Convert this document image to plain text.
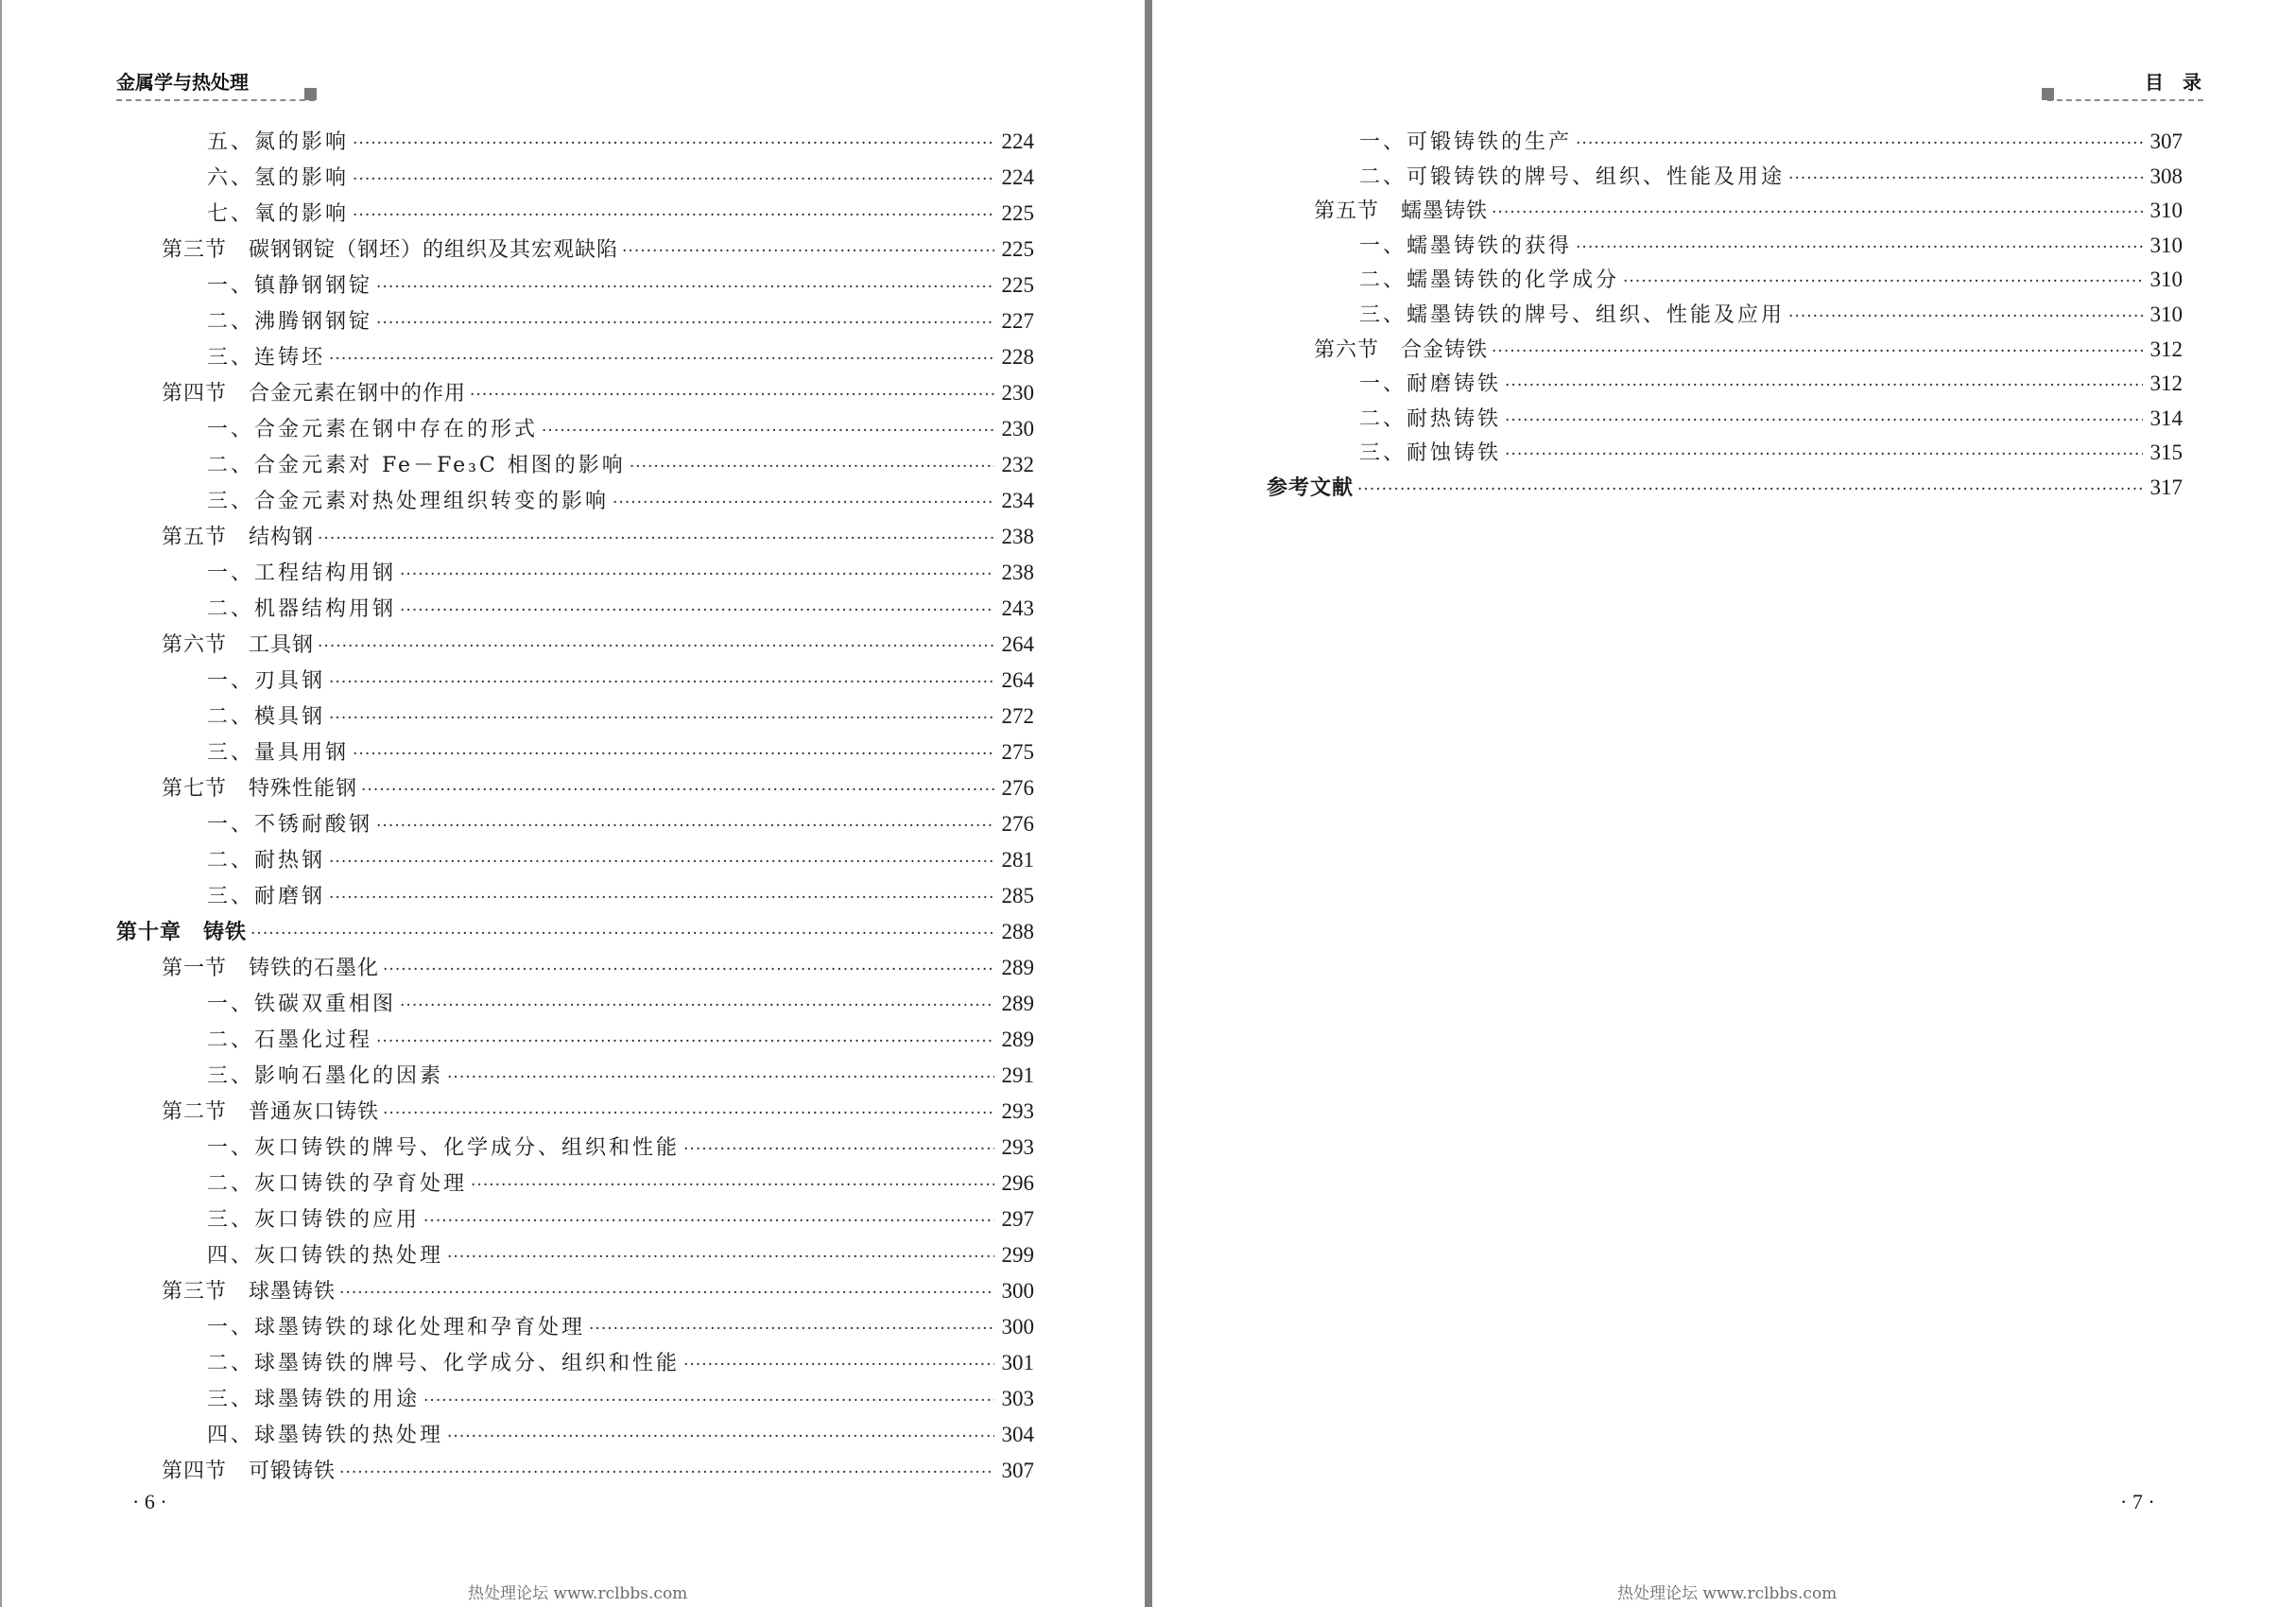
金属学与热处理
五、氮的影响 ·····	224
六、氢的影响 ·····	224
七、氧的影响 ·····	225
第三节　碳钢钢锭（钢坯）的组织及其宏观缺陷 ·····	225
一、镇静钢钢锭 ·····	225
二、沸腾钢钢锭 ·····	227
三、连铸坯 ·····	228
第四节　合金元素在钢中的作用 ·····	230
一、合金元素在钢中存在的形式 ·····	230
二、合金元素对 Fe－Fe₃C 相图的影响 ·····	232
三、合金元素对热处理组织转变的影响 ·····	234
第五节　结构钢 ·····	238
一、工程结构用钢 ·····	238
二、机器结构用钢 ·····	243
第六节　工具钢 ·····	264
一、刃具钢 ·····	264
二、模具钢 ·····	272
三、量具用钢 ·····	275
第七节　特殊性能钢 ·····	276
一、不锈耐酸钢 ·····	276
二、耐热钢 ·····	281
三、耐磨钢 ·····	285
第十章　铸铁 ·····	288
第一节　铸铁的石墨化 ·····	289
一、铁碳双重相图 ·····	289
二、石墨化过程 ·····	289
三、影响石墨化的因素 ·····	291
第二节　普通灰口铸铁 ·····	293
一、灰口铸铁的牌号、化学成分、组织和性能 ·····	293
二、灰口铸铁的孕育处理 ·····	296
三、灰口铸铁的应用 ·····	297
四、灰口铸铁的热处理 ·····	299
第三节　球墨铸铁 ·····	300
一、球墨铸铁的球化处理和孕育处理 ·····	300
二、球墨铸铁的牌号、化学成分、组织和性能 ·····	301
三、球墨铸铁的用途 ·····	303
四、球墨铸铁的热处理 ·····	304
第四节　可锻铸铁 ·····	307
· 6 ·
热处理论坛 www.rclbbs.com
目　录
一、可锻铸铁的生产 ·····	307
二、可锻铸铁的牌号、组织、性能及用途 ·····	308
第五节　蠕墨铸铁 ·····	310
一、蠕墨铸铁的获得 ·····	310
二、蠕墨铸铁的化学成分 ·····	310
三、蠕墨铸铁的牌号、组织、性能及应用 ·····	310
第六节　合金铸铁 ·····	312
一、耐磨铸铁 ·····	312
二、耐热铸铁 ·····	314
三、耐蚀铸铁 ·····	315
参考文献 ·····	317
· 7 ·
热处理论坛 www.rclbbs.com
